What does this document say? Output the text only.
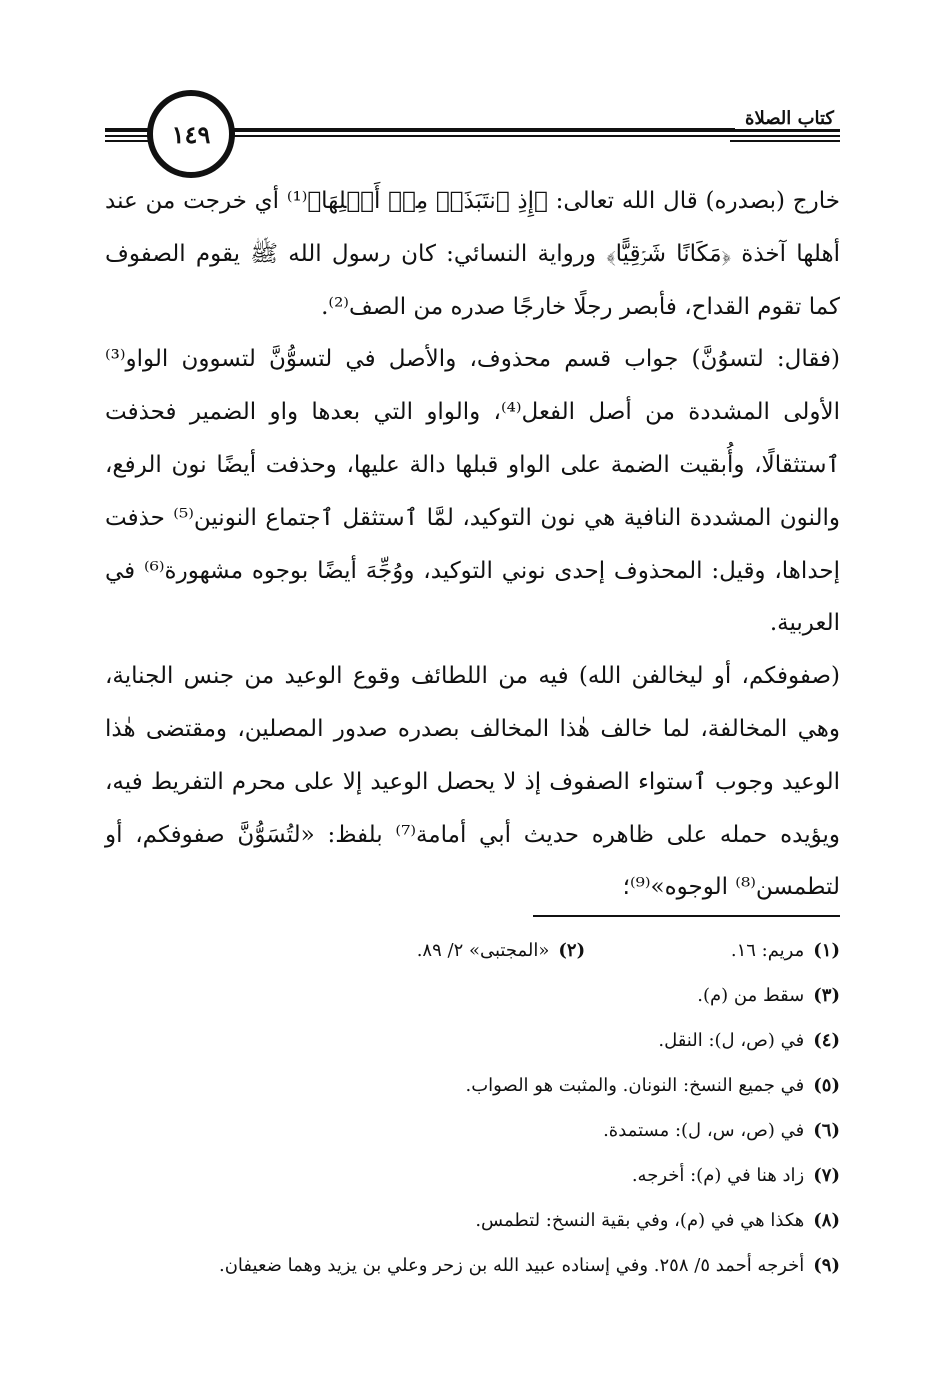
١٤٩
كتاب الصلاة

خارج (بصدره) قال الله تعالى: ﴿إِذِ ٱنتَبَذَتۡ مِنۡ أَهۡلِهَا﴾⁽¹⁾ أي خرجت من عند أهلها آخذة ﴿مَكَانًا شَرۡقِيًّا﴾ ورواية النسائي: كان رسول الله ﷺ يقوم الصفوف كما تقوم القداح، فأبصر رجلًا خارجًا صدره من الصف⁽²⁾.

(فقال: لتسوُنَّ) جواب قسم محذوف، والأصل في لتسوُّنَّ لتسوون الواو⁽³⁾ الأولى المشددة من أصل الفعل⁽⁴⁾، والواو التي بعدها واو الضمير فحذفت ٱستثقالًا، وأُبقيت الضمة على الواو قبلها دالة عليها، وحذفت أيضًا نون الرفع، والنون المشددة النافية هي نون التوكيد، لمَّا ٱستثقل ٱجتماع النونين⁽⁵⁾ حذفت إحداها، وقيل: المحذوف إحدى نوني التوكيد، ووُجِّهَ أيضًا بوجوه مشهورة⁽⁶⁾ في العربية.

(صفوفكم، أو ليخالفن الله) فيه من اللطائف وقوع الوعيد من جنس الجناية، وهي المخالفة، لما خالف هٰذا المخالف بصدره صدور المصلين، ومقتضى هٰذا الوعيد وجوب ٱستواء الصفوف إذ لا يحصل الوعيد إلا على محرم التفريط فيه، ويؤيده حمله على ظاهره حديث أبي أمامة⁽⁷⁾ بلفظ: «لتُسَوُّنَّ صفوفكم، أو لتطمسن⁽⁸⁾ الوجوه»⁽⁹⁾؛

(١) مريم: ١٦. (٢) «المجتبى» ٢/ ٨٩.
(٣) سقط من (م).
(٤) في (ص، ل): النقل.
(٥) في جميع النسخ: النونان. والمثبت هو الصواب.
(٦) في (ص، س، ل): مستمدة.
(٧) زاد هنا في (م): أخرجه.
(٨) هكذا هي في (م)، وفي بقية النسخ: لتطمس.
(٩) أخرجه أحمد ٥/ ٢٥٨. وفي إسناده عبيد الله بن زحر وعلي بن يزيد وهما ضعيفان.
